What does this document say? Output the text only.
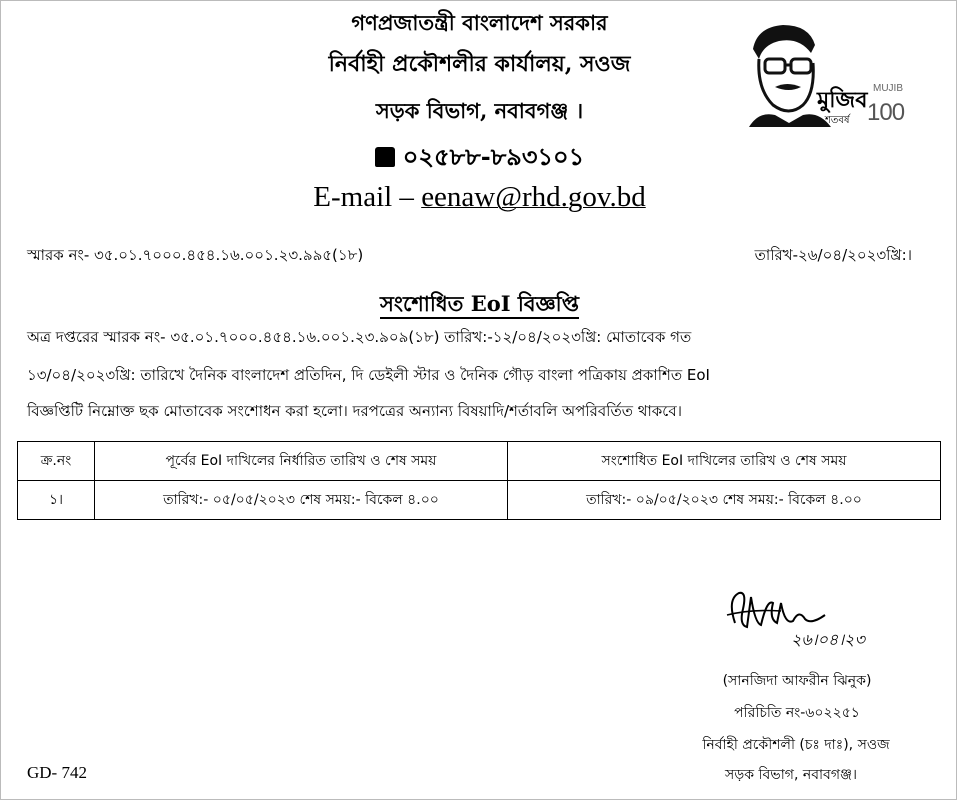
গণপ্রজাতন্ত্রী বাংলাদেশ সরকার
নির্বাহী প্রকৌশলীর কার্যালয়, সওজ
সড়ক বিভাগ, নবাবগঞ্জ ।
০২৫৮৮-৮৯৩১০১
E-mail – eenaw@rhd.gov.bd
মুজিব
শতবর্ষ
MUJIB
100
স্মারক নং- ৩৫.০১.৭০০০.৪৫৪.১৬.০০১.২৩.৯৯৫(১৮)	তারিখ-২৬/০৪/২০২৩খ্রি:।
সংশোধিত EoI বিজ্ঞপ্তি
অত্র দপ্তরের স্মারক নং- ৩৫.০১.৭০০০.৪৫৪.১৬.০০১.২৩.৯০৯(১৮) তারিখ:-১২/০৪/২০২৩খ্রি: মোতাবেক গত
১৩/০৪/২০২৩খ্রি: তারিখে দৈনিক বাংলাদেশ প্রতিদিন, দি ডেইলী স্টার ও দৈনিক গৌড় বাংলা পত্রিকায় প্রকাশিত EoI
বিজ্ঞপ্তিটি নিম্নোক্ত ছক মোতাবেক সংশোধন করা হলো। দরপত্রের অন্যান্য বিষয়াদি/শর্তাবলি অপরিবর্তিত থাকবে।
ক্র.নং	পূর্বের EoI দাখিলের নির্ধারিত তারিখ ও শেষ সময়	সংশোধিত EoI দাখিলের তারিখ ও শেষ সময়
১।	তারিখ:- ০৫/০৫/২০২৩ শেষ সময়:- বিকেল ৪.০০	তারিখ:- ০৯/০৫/২০২৩ শেষ সময়:- বিকেল ৪.০০
২৬।০৪।২৩
(সানজিদা আফরীন ঝিনুক)
পরিচিতি নং-৬০২২৫১
নির্বাহী প্রকৌশলী (চঃ দাঃ), সওজ
সড়ক বিভাগ, নবাবগঞ্জ।
GD- 742
